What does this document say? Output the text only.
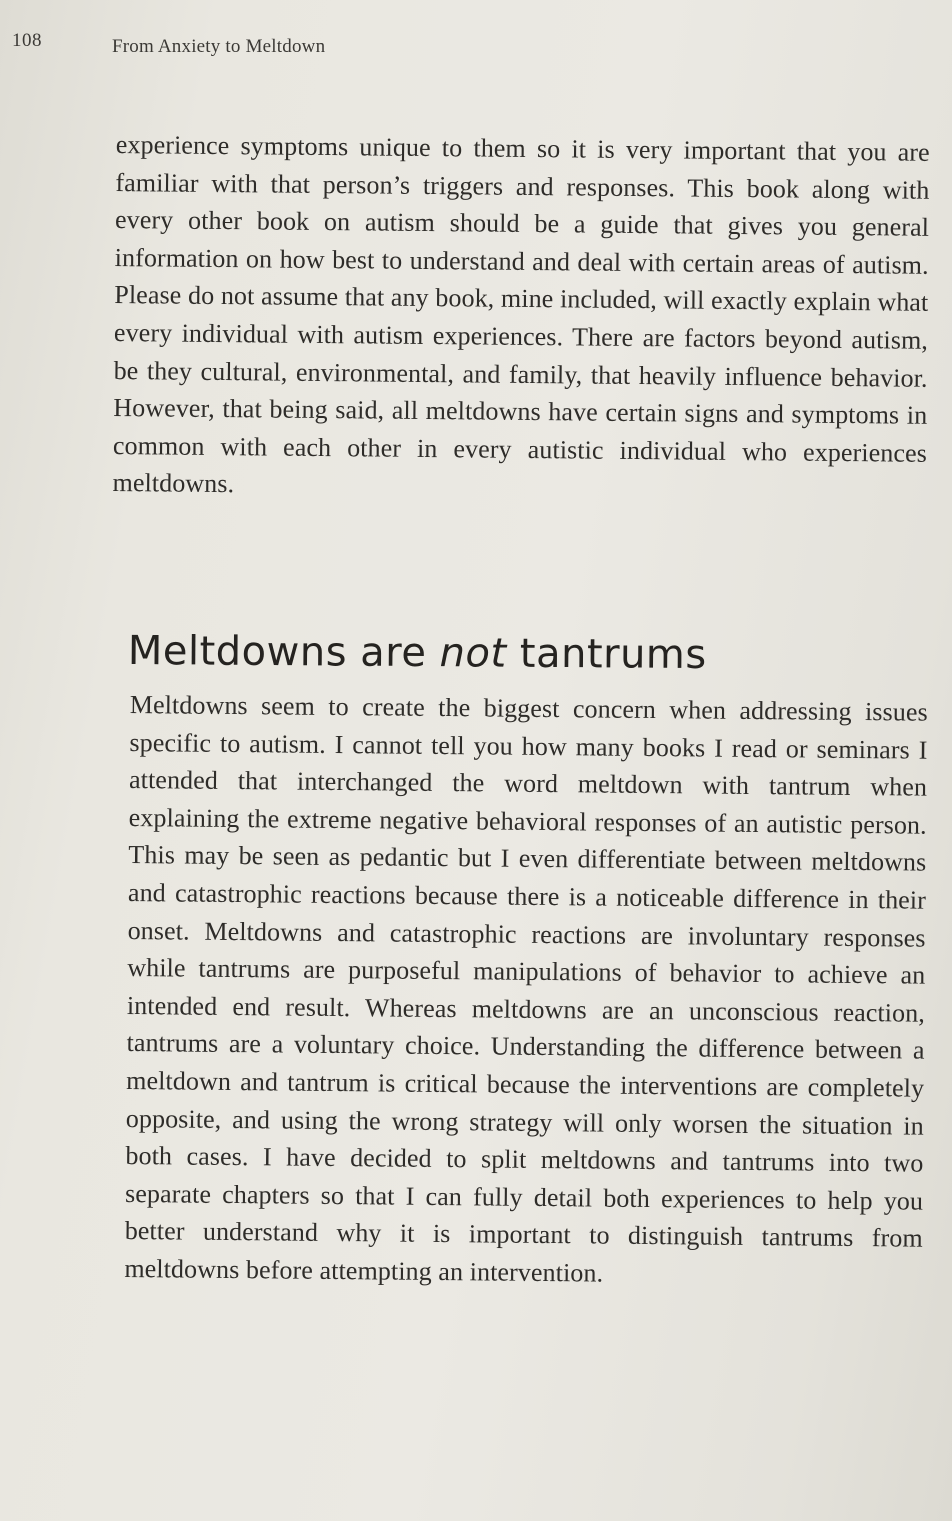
108	From Anxiety to Meltdown

experience symptoms unique to them so it is very important that you are familiar with that person’s triggers and responses. This book along with every other book on autism should be a guide that gives you general information on how best to understand and deal with certain areas of autism. Please do not assume that any book, mine included, will exactly explain what every individual with autism experiences. There are factors beyond autism, be they cultural, environmental, and family, that heavily influence behavior. However, that being said, all meltdowns have certain signs and symptoms in common with each other in every autistic individual who experiences meltdowns.

Meltdowns are not tantrums

Meltdowns seem to create the biggest concern when addressing issues specific to autism. I cannot tell you how many books I read or seminars I attended that interchanged the word meltdown with tantrum when explaining the extreme negative behavioral responses of an autistic person. This may be seen as pedantic but I even differentiate between meltdowns and catastrophic reactions because there is a noticeable difference in their onset. Meltdowns and catastrophic reactions are involuntary responses while tantrums are purposeful manipulations of behavior to achieve an intended end result. Whereas meltdowns are an unconscious reaction, tantrums are a voluntary choice. Understanding the difference between a meltdown and tantrum is critical because the interventions are completely opposite, and using the wrong strategy will only worsen the situation in both cases. I have decided to split meltdowns and tantrums into two separate chapters so that I can fully detail both experiences to help you better understand why it is important to distinguish tantrums from meltdowns before attempting an intervention.
